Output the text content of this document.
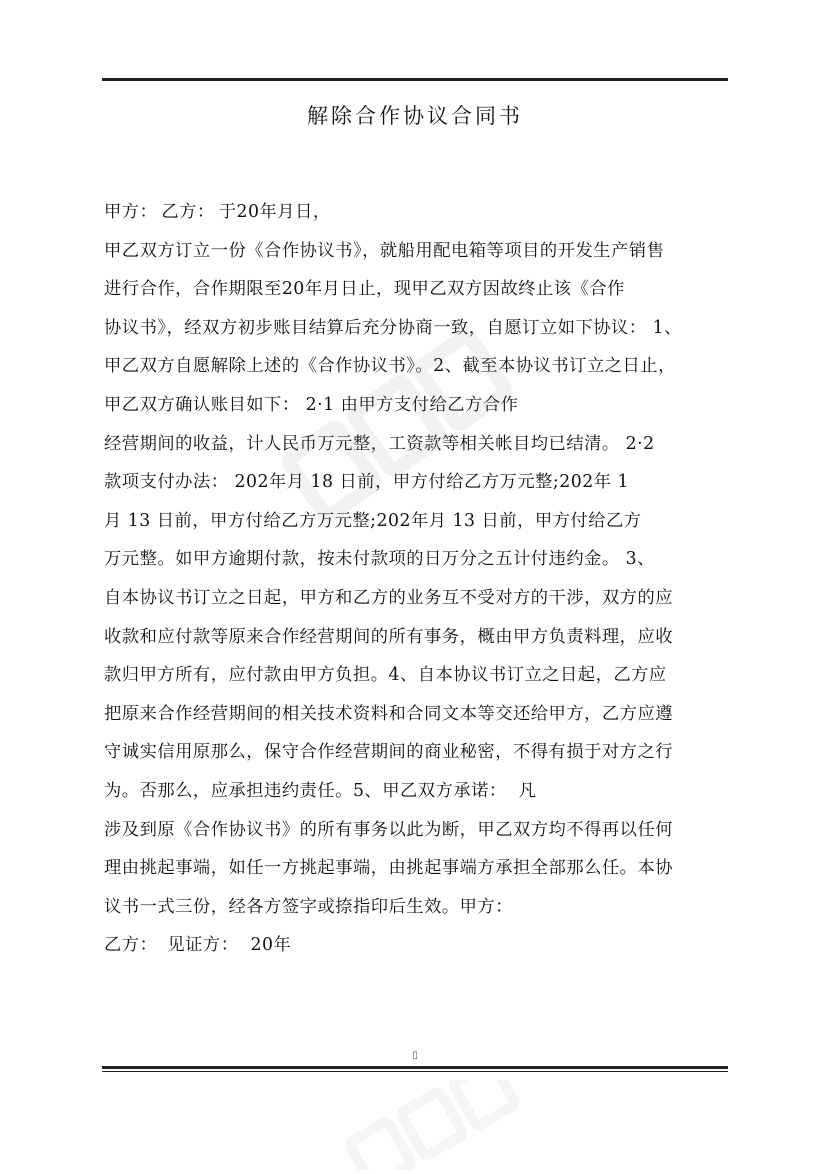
解除合作协议合同书
甲方： 乙方： 于20年月日，
甲乙双方订立一份《合作协议书》，就船用配电箱等项目的开发生产销售
进行合作，合作期限至20年月日止，现甲乙双方因故终止该《合作
协议书》，经双方初步账目结算后充分协商一致，自愿订立如下协议： 1、
甲乙双方自愿解除上述的《合作协议书》。2、截至本协议书订立之日止，
甲乙双方确认账目如下： 2·1 由甲方支付给乙方合作
经营期间的收益，计人民币万元整，工资款等相关帐目均已结清。 2·2
款项支付办法： 202年月 18 日前，甲方付给乙方万元整;202年 1
月 13 日前，甲方付给乙方万元整;202年月 13 日前，甲方付给乙方
万元整。如甲方逾期付款，按未付款项的日万分之五计付违约金。 3、
自本协议书订立之日起，甲方和乙方的业务互不受对方的干涉，双方的应
收款和应付款等原来合作经营期间的所有事务，概由甲方负责料理，应收
款归甲方所有，应付款由甲方负担。4、自本协议书订立之日起，乙方应
把原来合作经营期间的相关技术资料和合同文本等交还给甲方，乙方应遵
守诚实信用原那么，保守合作经营期间的商业秘密，不得有损于对方之行
为。否那么，应承担违约责任。5、甲乙双方承诺： 凡
涉及到原《合作协议书》的所有事务以此为断，甲乙双方均不得再以任何
理由挑起事端，如任一方挑起事端，由挑起事端方承担全部那么任。本协
议书一式三份，经各方签字或捺指印后生效。甲方：
乙方： 见证方： 20年
▯
